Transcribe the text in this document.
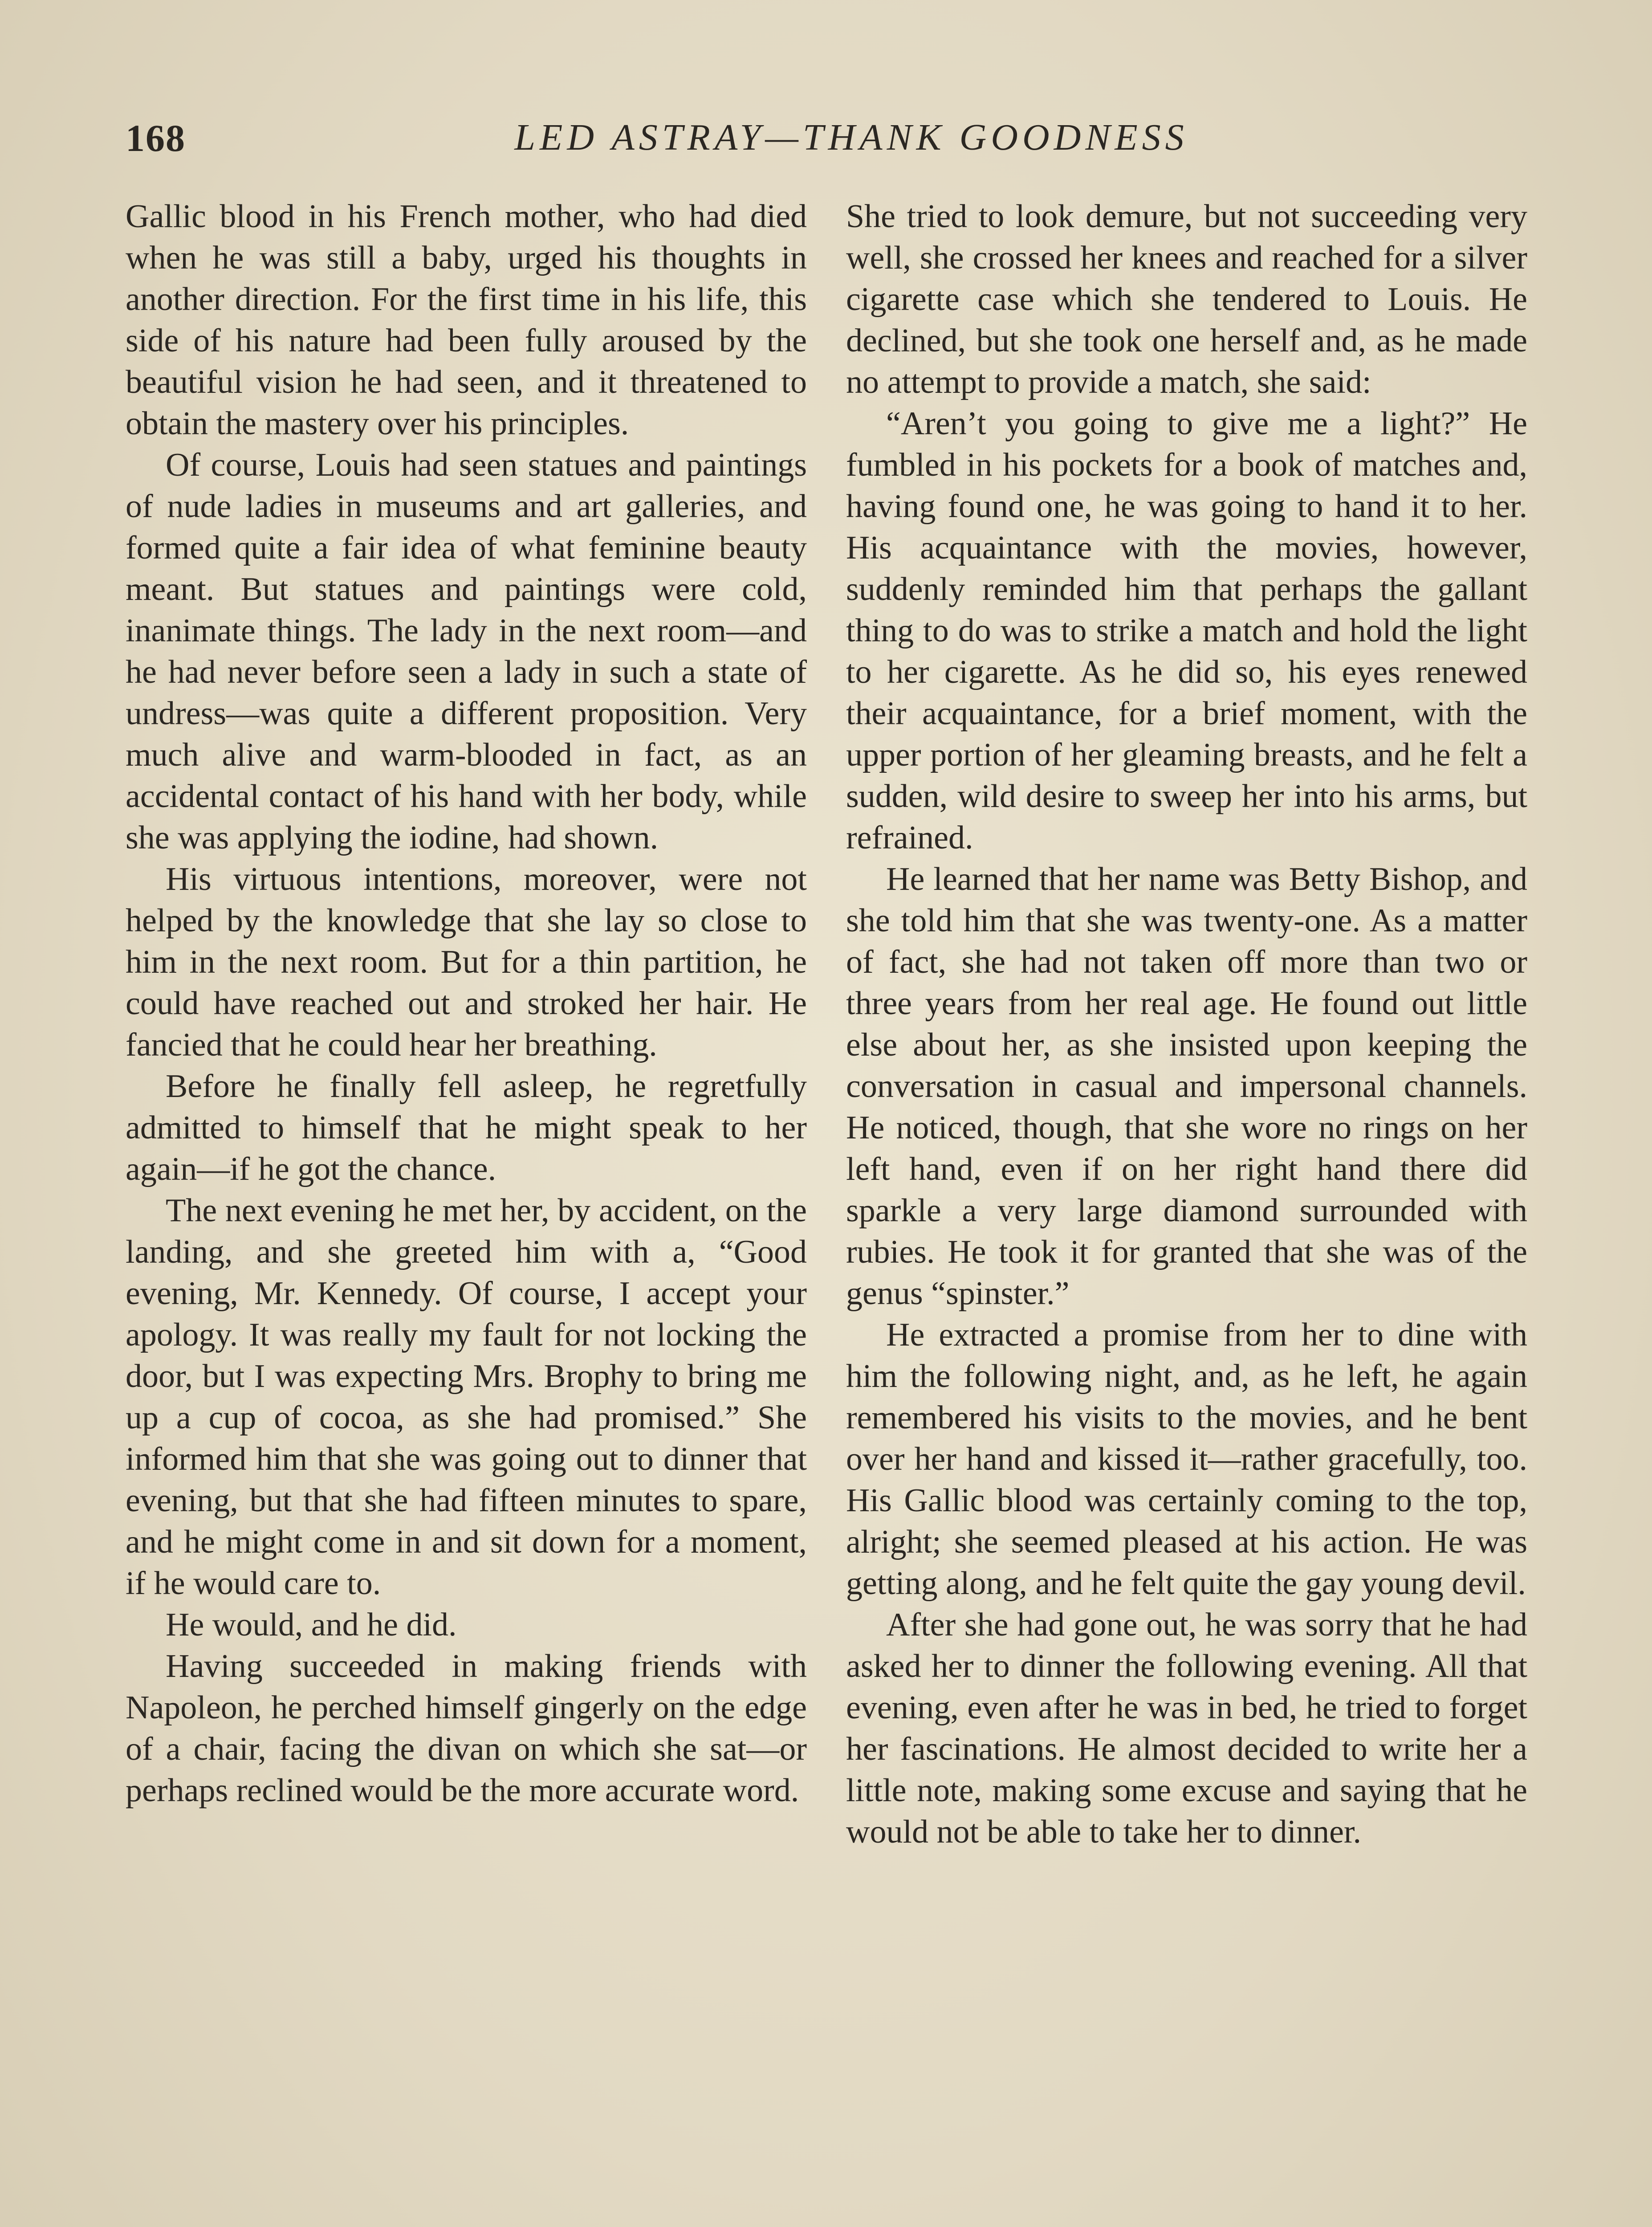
168	LED ASTRAY—THANK GOODNESS

Gallic blood in his French mother, who had died when he was still a baby, urged his thoughts in another direction. For the first time in his life, this side of his nature had been fully aroused by the beautiful vision he had seen, and it threatened to obtain the mastery over his principles.

Of course, Louis had seen statues and paintings of nude ladies in museums and art galleries, and formed quite a fair idea of what feminine beauty meant. But statues and paintings were cold, inanimate things. The lady in the next room—and he had never before seen a lady in such a state of undress—was quite a different proposition. Very much alive and warm-blooded in fact, as an accidental contact of his hand with her body, while she was applying the iodine, had shown.

His virtuous intentions, moreover, were not helped by the knowledge that she lay so close to him in the next room. But for a thin partition, he could have reached out and stroked her hair. He fancied that he could hear her breathing.

Before he finally fell asleep, he regretfully admitted to himself that he might speak to her again—if he got the chance.

The next evening he met her, by accident, on the landing, and she greeted him with a, “Good evening, Mr. Kennedy. Of course, I accept your apology. It was really my fault for not locking the door, but I was expecting Mrs. Brophy to bring me up a cup of cocoa, as she had promised.” She informed him that she was going out to dinner that evening, but that she had fifteen minutes to spare, and he might come in and sit down for a moment, if he would care to.

He would, and he did.

Having succeeded in making friends with Napoleon, he perched himself gingerly on the edge of a chair, facing the divan on which she sat—or perhaps reclined would be the more accurate word.

She tried to look demure, but not succeeding very well, she crossed her knees and reached for a silver cigarette case which she tendered to Louis. He declined, but she took one herself and, as he made no attempt to provide a match, she said:

“Aren’t you going to give me a light?” He fumbled in his pockets for a book of matches and, having found one, he was going to hand it to her. His acquaintance with the movies, however, suddenly reminded him that perhaps the gallant thing to do was to strike a match and hold the light to her cigarette. As he did so, his eyes renewed their acquaintance, for a brief moment, with the upper portion of her gleaming breasts, and he felt a sudden, wild desire to sweep her into his arms, but refrained.

He learned that her name was Betty Bishop, and she told him that she was twenty-one. As a matter of fact, she had not taken off more than two or three years from her real age. He found out little else about her, as she insisted upon keeping the conversation in casual and impersonal channels. He noticed, though, that she wore no rings on her left hand, even if on her right hand there did sparkle a very large diamond surrounded with rubies. He took it for granted that she was of the genus “spinster.”

He extracted a promise from her to dine with him the following night, and, as he left, he again remembered his visits to the movies, and he bent over her hand and kissed it—rather gracefully, too. His Gallic blood was certainly coming to the top, alright; she seemed pleased at his action. He was getting along, and he felt quite the gay young devil.

After she had gone out, he was sorry that he had asked her to dinner the following evening. All that evening, even after he was in bed, he tried to forget her fascinations. He almost decided to write her a little note, making some excuse and saying that he would not be able to take her to dinner.
